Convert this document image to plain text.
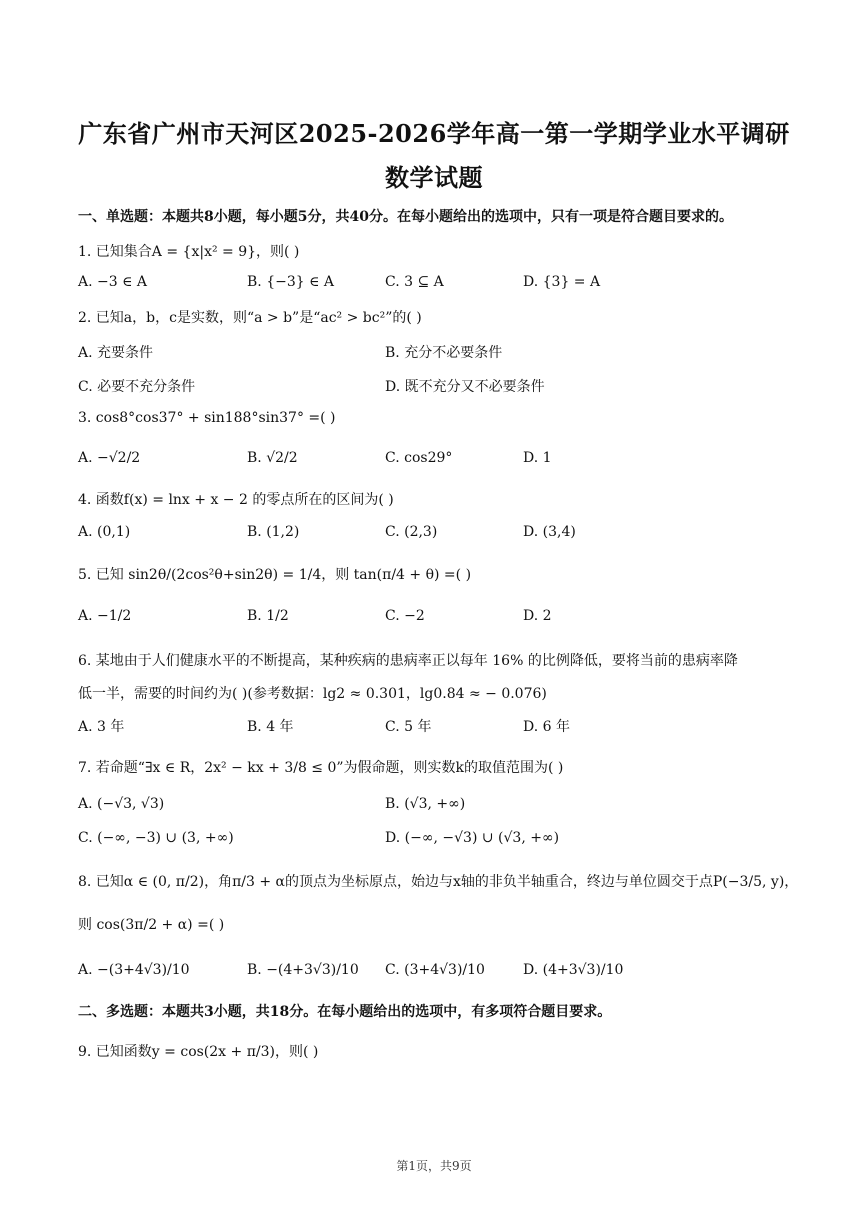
广东省广州市天河区2025-2026学年高一第一学期学业水平调研
数学试题
一、单选题：本题共8小题，每小题5分，共40分。在每小题给出的选项中，只有一项是符合题目要求的。
1. 已知集合A = {x|x² = 9}，则( )
A. −3 ∈ A	B. {−3} ∈ A	C. 3 ⊆ A	D. {3} = A
2. 已知a，b，c是实数，则“a > b”是“ac² > bc²”的( )
A. 充要条件	B. 充分不必要条件
C. 必要不充分条件	D. 既不充分又不必要条件
3. cos8°cos37° + sin188°sin37° =( )
A. −√2/2	B. √2/2	C. cos29°	D. 1
4. 函数f(x) = lnx + x − 2 的零点所在的区间为( )
A. (0,1)	B. (1,2)	C. (2,3)	D. (3,4)
5. 已知 sin2θ/(2cos²θ+sin2θ) = 1/4，则 tan(π/4 + θ) =( )
A. −1/2	B. 1/2	C. −2	D. 2
6. 某地由于人们健康水平的不断提高，某种疾病的患病率正以每年 16% 的比例降低，要将当前的患病率降
低一半，需要的时间约为( )(参考数据：lg2 ≈ 0.301，lg0.84 ≈ − 0.076)
A. 3 年	B. 4 年	C. 5 年	D. 6 年
7. 若命题“∃x ∈ R，2x² − kx + 3/8 ≤ 0”为假命题，则实数k的取值范围为( )
A. (−√3, √3)	B. (√3, +∞)
C. (−∞, −3) ∪ (3, +∞)	D. (−∞, −√3) ∪ (√3, +∞)
8. 已知α ∈ (0, π/2)，角π/3 + α的顶点为坐标原点，始边与x轴的非负半轴重合，终边与单位圆交于点P(−3/5, y)，
则 cos(3π/2 + α) =( )
A. −(3+4√3)/10	B. −(4+3√3)/10 C. (3+4√3)/10	D. (4+3√3)/10
二、多选题：本题共3小题，共18分。在每小题给出的选项中，有多项符合题目要求。
9. 已知函数y = cos(2x + π/3)，则( )
第1页，共9页
